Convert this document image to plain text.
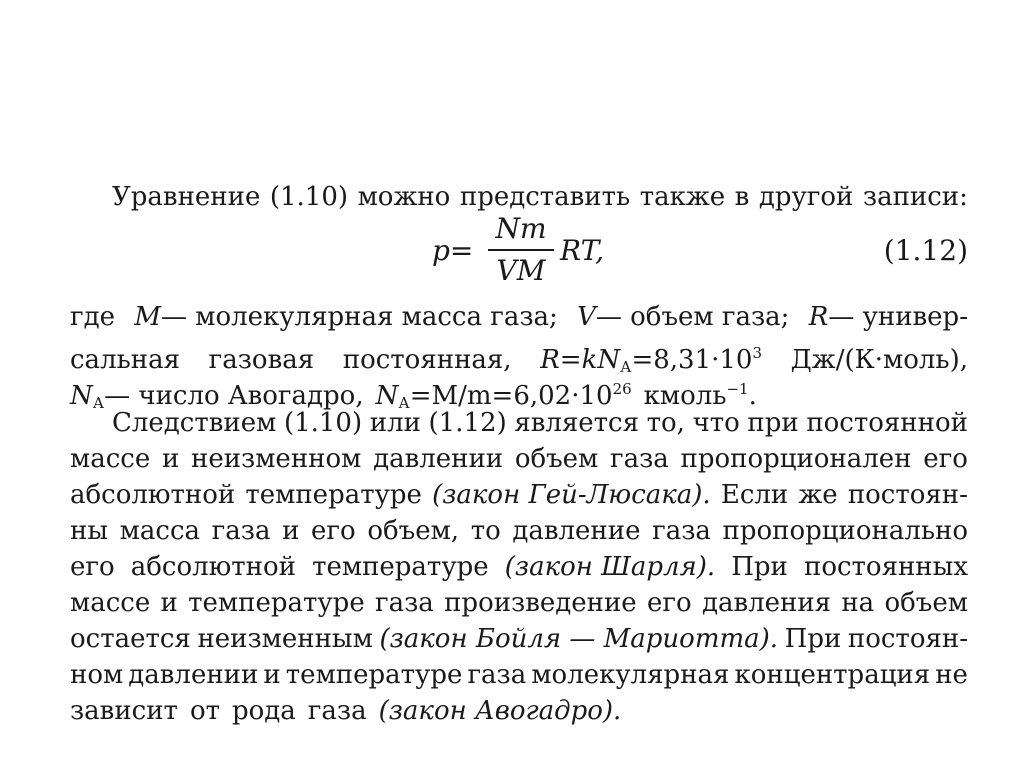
Уравнение (1.10) можно представить также в другой записи:
p=
Nm
VM
RT,	(1.12)
где M— молекулярная масса газа; V— объем газа; R— универ-
сальная газовая постоянная, $R=kN_А=8,31\cdot 10^3$ Дж/(К·моль),
$N_А—$ число Авогадро, $N_А=M/m=6,02\cdot 10^{26}$ кмоль$^{-1}$.
Следствием (1.10) или (1.12) является то, что при постоянной
массе и неизменном давлении объем газа пропорционален его
абсолютной температуре (закон Гей-Люсака). Если же постоян-
ны масса газа и его объем, то давление газа пропорционально
его абсолютной температуре (закон Шарля). При постоянных
массе и температуре газа произведение его давления на объем
остается неизменным (закон Бойля — Мариотта). При постоян-
ном давлении и температуре газа молекулярная концентрация не
зависит от рода газа (закон Авогадро).
